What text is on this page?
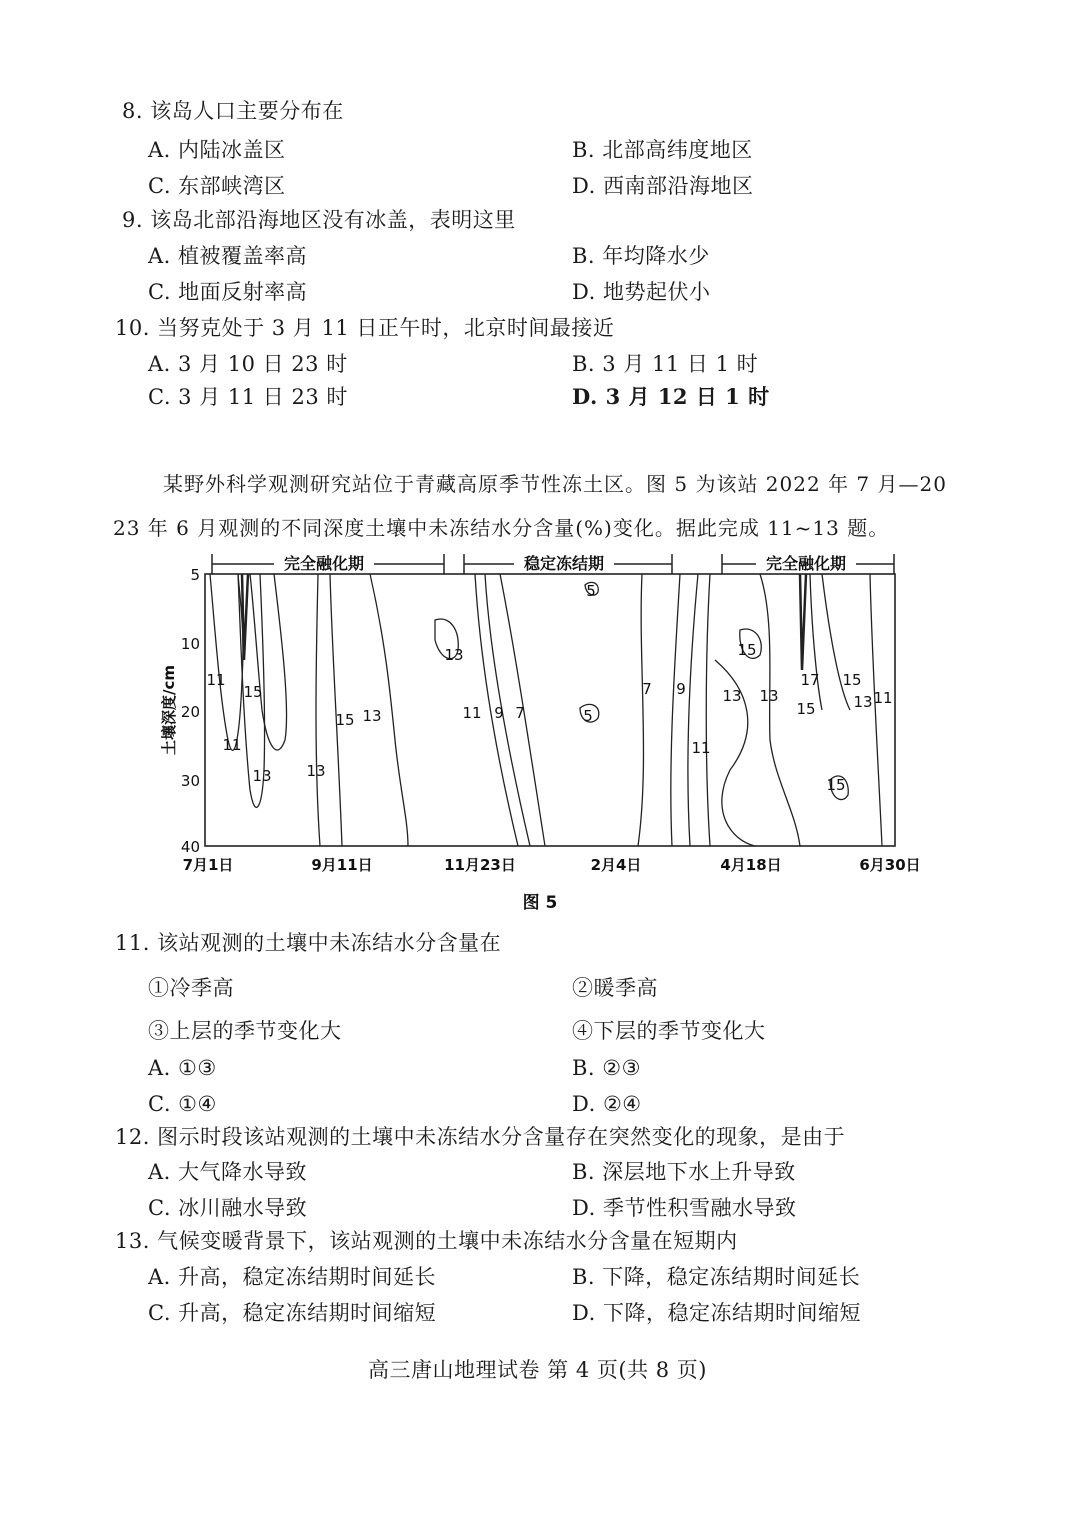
8. 该岛人口主要分布在
A. 内陆冰盖区	B. 北部高纬度地区
C. 东部峡湾区	D. 西南部沿海地区
9. 该岛北部沿海地区没有冰盖，表明这里
A. 植被覆盖率高	B. 年均降水少
C. 地面反射率高	D. 地势起伏小
10. 当努克处于 3 月 11 日正午时，北京时间最接近
A. 3 月 10 日 23 时	B. 3 月 11 日 1 时
C. 3 月 11 日 23 时	D. 3 月 12 日 1 时
某野外科学观测研究站位于青藏高原季节性冻土区。图 5 为该站 2022 年 7 月—20
23 年 6 月观测的不同深度土壤中未冻结水分含量(%)变化。据此完成 11~13 题。
11
15
11
13 13
15 13
13
11 9 7
5
5
7 9
11
15
13 13
17 15
15	13 11
15
完全融化期	稳定冻结期	完全融化期
5
10
20
30
40
土壤深度/cm
7月1日	9月11日	11月23日	2月4日	4月18日	6月30日
图 5
11. 该站观测的土壤中未冻结水分含量在
①冷季高	②暖季高
③上层的季节变化大	④下层的季节变化大
A. ①③	B. ②③
C. ①④	D. ②④
12. 图示时段该站观测的土壤中未冻结水分含量存在突然变化的现象，是由于
A. 大气降水导致	B. 深层地下水上升导致
C. 冰川融水导致	D. 季节性积雪融水导致
13. 气候变暖背景下，该站观测的土壤中未冻结水分含量在短期内
A. 升高，稳定冻结期时间延长	B. 下降，稳定冻结期时间延长
C. 升高，稳定冻结期时间缩短	D. 下降，稳定冻结期时间缩短
高三唐山地理试卷 第 4 页(共 8 页)
